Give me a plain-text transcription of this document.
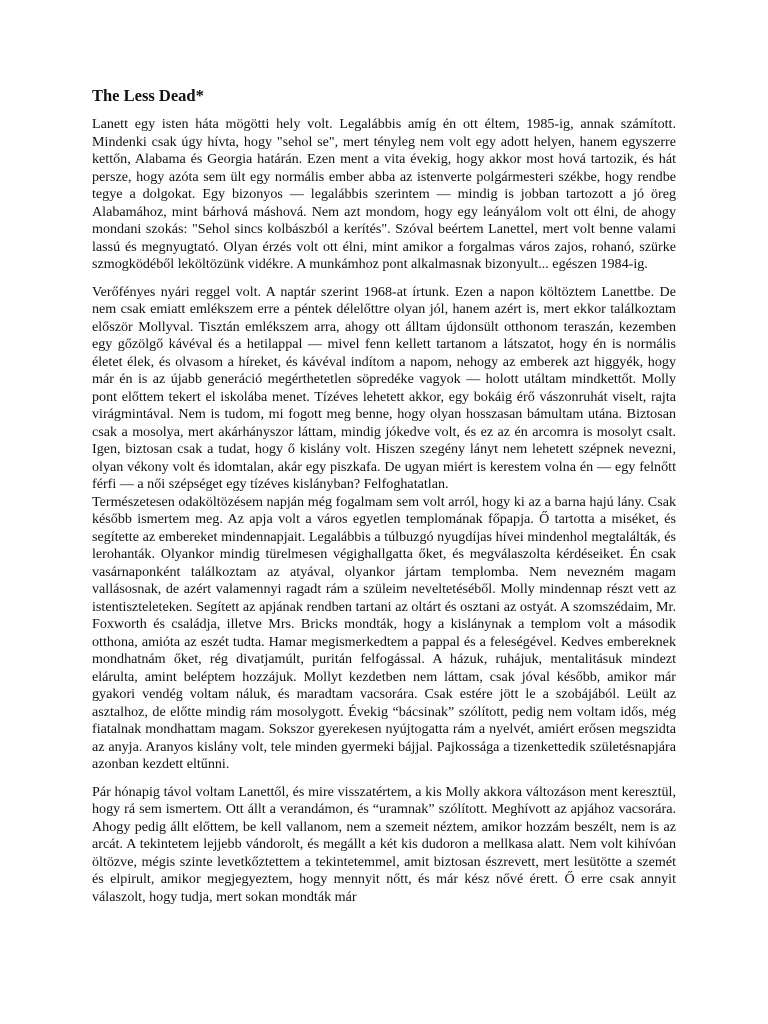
The Less Dead*

Lanett egy isten háta mögötti hely volt. Legalábbis amíg én ott éltem, 1985-ig, annak számított. Mindenki csak úgy hívta, hogy "sehol se", mert tényleg nem volt egy adott helyen, hanem egyszerre kettőn, Alabama és Georgia határán. Ezen ment a vita évekig, hogy akkor most hová tartozik, és hát persze, hogy azóta sem ült egy normális ember abba az istenverte polgármesteri székbe, hogy rendbe tegye a dolgokat. Egy bizonyos — legalábbis szerintem — mindig is jobban tartozott a jó öreg Alabamához, mint bárhová máshová. Nem azt mondom, hogy egy leányálom volt ott élni, de ahogy mondani szokás: "Sehol sincs kolbászból a kerítés". Szóval beértem Lanettel, mert volt benne valami lassú és megnyugtató. Olyan érzés volt ott élni, mint amikor a forgalmas város zajos, rohanó, szürke szmogködéből leköltözünk vidékre. A munkámhoz pont alkalmasnak bizonyult... egészen 1984-ig.

Verőfényes nyári reggel volt. A naptár szerint 1968-at írtunk. Ezen a napon költöztem Lanettbe. De nem csak emiatt emlékszem erre a péntek délelőttre olyan jól, hanem azért is, mert ekkor találkoztam először Mollyval. Tisztán emlékszem arra, ahogy ott álltam újdonsült otthonom teraszán, kezemben egy gőzölgő kávéval és a hetilappal — mivel fenn kellett tartanom a látszatot, hogy én is normális életet élek, és olvasom a híreket, és kávéval indítom a napom, nehogy az emberek azt higgyék, hogy már én is az újabb generáció megérthetetlen söpredéke vagyok — holott utáltam mindkettőt. Molly pont előttem tekert el iskolába menet. Tízéves lehetett akkor, egy bokáig érő vászonruhát viselt, rajta virágmintával. Nem is tudom, mi fogott meg benne, hogy olyan hosszasan bámultam utána. Biztosan csak a mosolya, mert akárhányszor láttam, mindig jókedve volt, és ez az én arcomra is mosolyt csalt. Igen, biztosan csak a tudat, hogy ő kislány volt. Hiszen szegény lányt nem lehetett szépnek nevezni, olyan vékony volt és idomtalan, akár egy piszkafa. De ugyan miért is kerestem volna én — egy felnőtt férfi — a női szépséget egy tízéves kislányban? Felfoghatatlan.

Természetesen odaköltözésem napján még fogalmam sem volt arról, hogy ki az a barna hajú lány. Csak később ismertem meg. Az apja volt a város egyetlen templomának főpapja. Ő tartotta a miséket, és segítette az embereket mindennapjait. Legalábbis a túlbuzgó nyugdíjas hívei mindenhol megtalálták, és lerohanták. Olyankor mindig türelmesen végighallgatta őket, és megválaszolta kérdéseiket. Én csak vasárnaponként találkoztam az atyával, olyankor jártam templomba. Nem nevezném magam vallásosnak, de azért valamennyi ragadt rám a szüleim neveltetéséből. Molly mindennap részt vett az istentiszteleteken. Segített az apjának rendben tartani az oltárt és osztani az ostyát. A szomszédaim, Mr. Foxworth és családja, illetve Mrs. Bricks mondták, hogy a kislánynak a templom volt a második otthona, amióta az eszét tudta. Hamar megismerkedtem a pappal és a feleségével. Kedves embereknek mondhatnám őket, rég divatjamúlt, puritán felfogással. A házuk, ruhájuk, mentalitásuk mindezt elárulta, amint beléptem hozzájuk. Mollyt kezdetben nem láttam, csak jóval később, amikor már gyakori vendég voltam náluk, és maradtam vacsorára. Csak estére jött le a szobájából. Leült az asztalhoz, de előtte mindig rám mosolygott. Évekig “bácsinak” szólított, pedig nem voltam idős, még fiatalnak mondhattam magam. Sokszor gyerekesen nyújtogatta rám a nyelvét, amiért erősen megszidta az anyja. Aranyos kislány volt, tele minden gyermeki bájjal. Pajkossága a tizenkettedik születésnapjára azonban kezdett eltűnni.

Pár hónapig távol voltam Lanettől, és mire visszatértem, a kis Molly akkora változáson ment keresztül, hogy rá sem ismertem. Ott állt a verandámon, és “uramnak” szólított. Meghívott az apjához vacsorára. Ahogy pedig állt előttem, be kell vallanom, nem a szemeit néztem, amikor hozzám beszélt, nem is az arcát. A tekintetem lejjebb vándorolt, és megállt a két kis dudoron a mellkasa alatt. Nem volt kihívóan öltözve, mégis szinte levetkőztettem a tekintetemmel, amit biztosan észrevett, mert lesütötte a szemét és elpirult, amikor megjegyeztem, hogy mennyit nőtt, és már kész nővé érett. Ő erre csak annyit válaszolt, hogy tudja, mert sokan mondták már
